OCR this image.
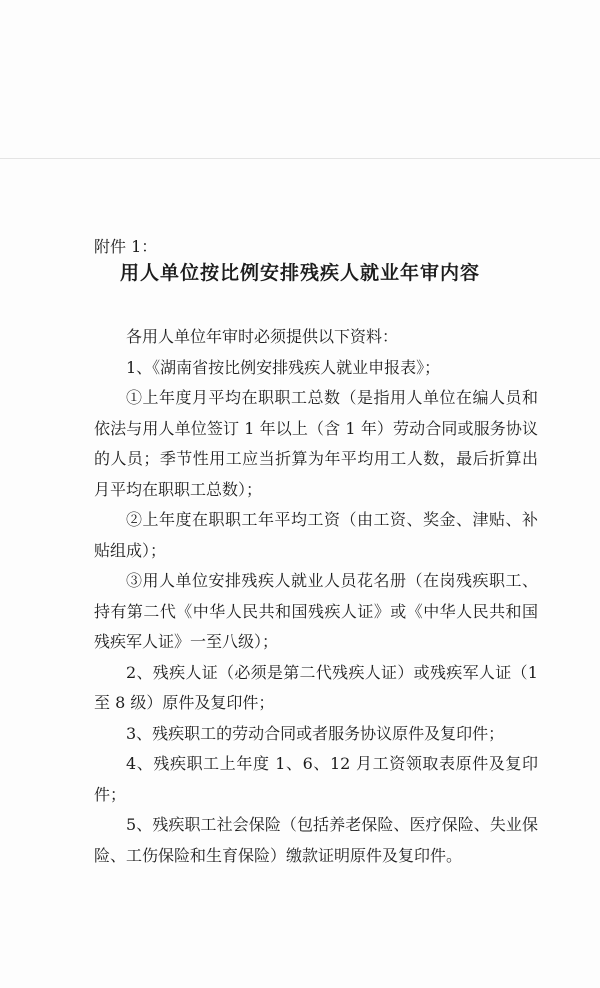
附件 1：
用人单位按比例安排残疾人就业年审内容

各用人单位年审时必须提供以下资料：

1、《湖南省按比例安排残疾人就业申报表》；

①上年度月平均在职职工总数（是指用人单位在编人员和依法与用人单位签订 1 年以上（含 1 年）劳动合同或服务协议的人员；季节性用工应当折算为年平均用工人数，最后折算出月平均在职职工总数）；

②上年度在职职工年平均工资（由工资、奖金、津贴、补贴组成）；

③用人单位安排残疾人就业人员花名册（在岗残疾职工、持有第二代《中华人民共和国残疾人证》或《中华人民共和国残疾军人证》一至八级）；

2、残疾人证（必须是第二代残疾人证）或残疾军人证（1 至 8 级）原件及复印件；

3、残疾职工的劳动合同或者服务协议原件及复印件；

4、残疾职工上年度 1、6、12 月工资领取表原件及复印件；

5、残疾职工社会保险（包括养老保险、医疗保险、失业保险、工伤保险和生育保险）缴款证明原件及复印件。
